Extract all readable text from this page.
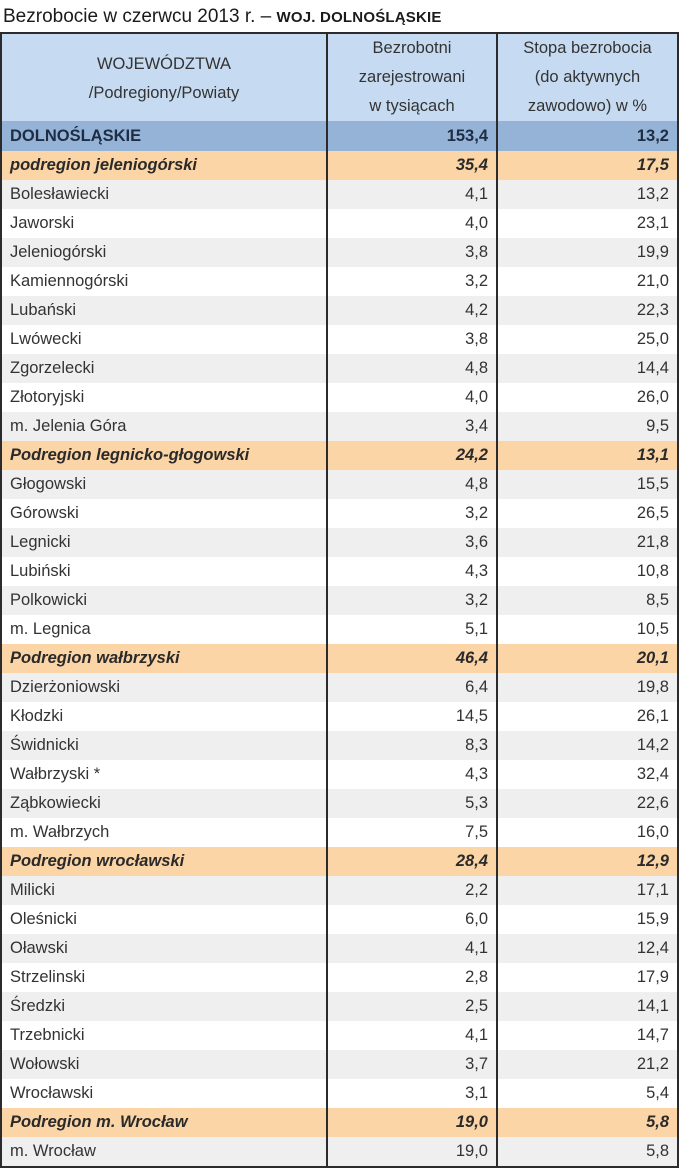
Bezrobocie w czerwcu 2013 r. – WOJ. DOLNOŚLĄSKIE
WOJEWÓDZTWA
/Podregiony/Powiaty

Bezrobotni
zarejestrowani
w tysiącach

Stopa bezrobocia
(do aktywnych
zawodowo) w %

DOLNOŚLĄSKIE	153,4	13,2
podregion jeleniogórski	35,4	17,5
Bolesławiecki	4,1	13,2
Jaworski	4,0	23,1
Jeleniogórski	3,8	19,9
Kamiennogórski	3,2	21,0
Lubański	4,2	22,3
Lwówecki	3,8	25,0
Zgorzelecki	4,8	14,4
Złotoryjski	4,0	26,0
m. Jelenia Góra	3,4	9,5
Podregion legnicko-głogowski	24,2	13,1
Głogowski	4,8	15,5
Górowski	3,2	26,5
Legnicki	3,6	21,8
Lubiński	4,3	10,8
Polkowicki	3,2	8,5
m. Legnica	5,1	10,5
Podregion wałbrzyski	46,4	20,1
Dzierżoniowski	6,4	19,8
Kłodzki	14,5	26,1
Świdnicki	8,3	14,2
Wałbrzyski *	4,3	32,4
Ząbkowiecki	5,3	22,6
m. Wałbrzych	7,5	16,0
Podregion wrocławski	28,4	12,9
Milicki	2,2	17,1
Oleśnicki	6,0	15,9
Oławski	4,1	12,4
Strzelinski	2,8	17,9
Średzki	2,5	14,1
Trzebnicki	4,1	14,7
Wołowski	3,7	21,2
Wrocławski	3,1	5,4
Podregion m. Wrocław	19,0	5,8
m. Wrocław	19,0	5,8
